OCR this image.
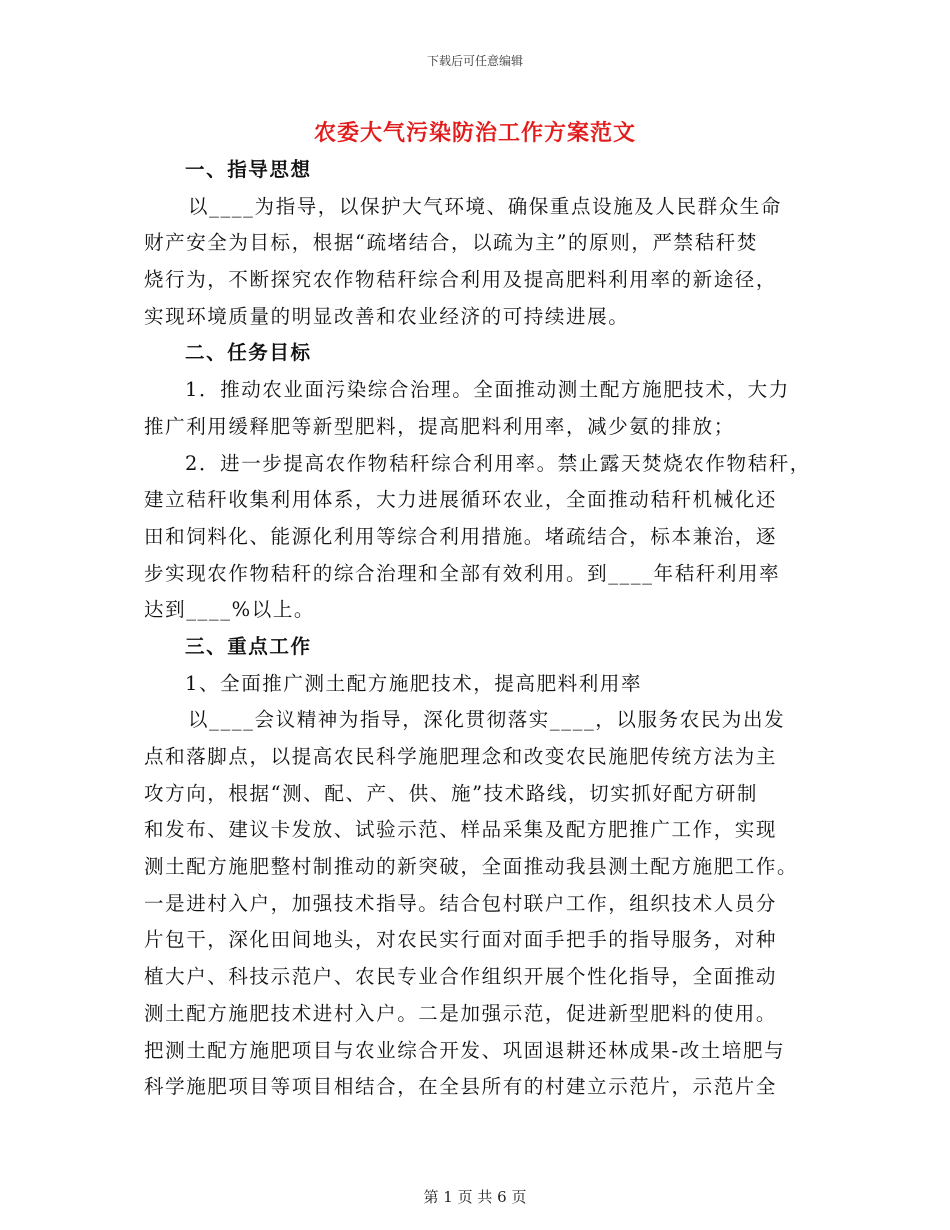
下载后可任意编辑
农委大气污染防治工作方案范文
一、指导思想
以____为指导，以保护大气环境、确保重点设施及人民群众生命
财产安全为目标，根据“疏堵结合，以疏为主”的原则，严禁秸秆焚
烧行为，不断探究农作物秸秆综合利用及提高肥料利用率的新途径，
实现环境质量的明显改善和农业经济的可持续进展。
二、任务目标
1．推动农业面污染综合治理。全面推动测土配方施肥技术，大力
推广利用缓释肥等新型肥料，提高肥料利用率，减少氨的排放；
2．进一步提高农作物秸秆综合利用率。禁止露天焚烧农作物秸秆，
建立秸秆收集利用体系，大力进展循环农业，全面推动秸秆机械化还
田和饲料化、能源化利用等综合利用措施。堵疏结合，标本兼治，逐
步实现农作物秸秆的综合治理和全部有效利用。到____年秸秆利用率
达到____%以上。
三、重点工作
1、全面推广测土配方施肥技术，提高肥料利用率
以____会议精神为指导，深化贯彻落实____，以服务农民为出发
点和落脚点，以提高农民科学施肥理念和改变农民施肥传统方法为主
攻方向，根据“测、配、产、供、施”技术路线，切实抓好配方研制
和发布、建议卡发放、试验示范、样品采集及配方肥推广工作，实现
测土配方施肥整村制推动的新突破，全面推动我县测土配方施肥工作。
一是进村入户，加强技术指导。结合包村联户工作，组织技术人员分
片包干，深化田间地头，对农民实行面对面手把手的指导服务，对种
植大户、科技示范户、农民专业合作组织开展个性化指导，全面推动
测土配方施肥技术进村入户。二是加强示范，促进新型肥料的使用。
把测土配方施肥项目与农业综合开发、巩固退耕还林成果-改土培肥与
科学施肥项目等项目相结合，在全县所有的村建立示范片，示范片全
第 1 页 共 6 页
